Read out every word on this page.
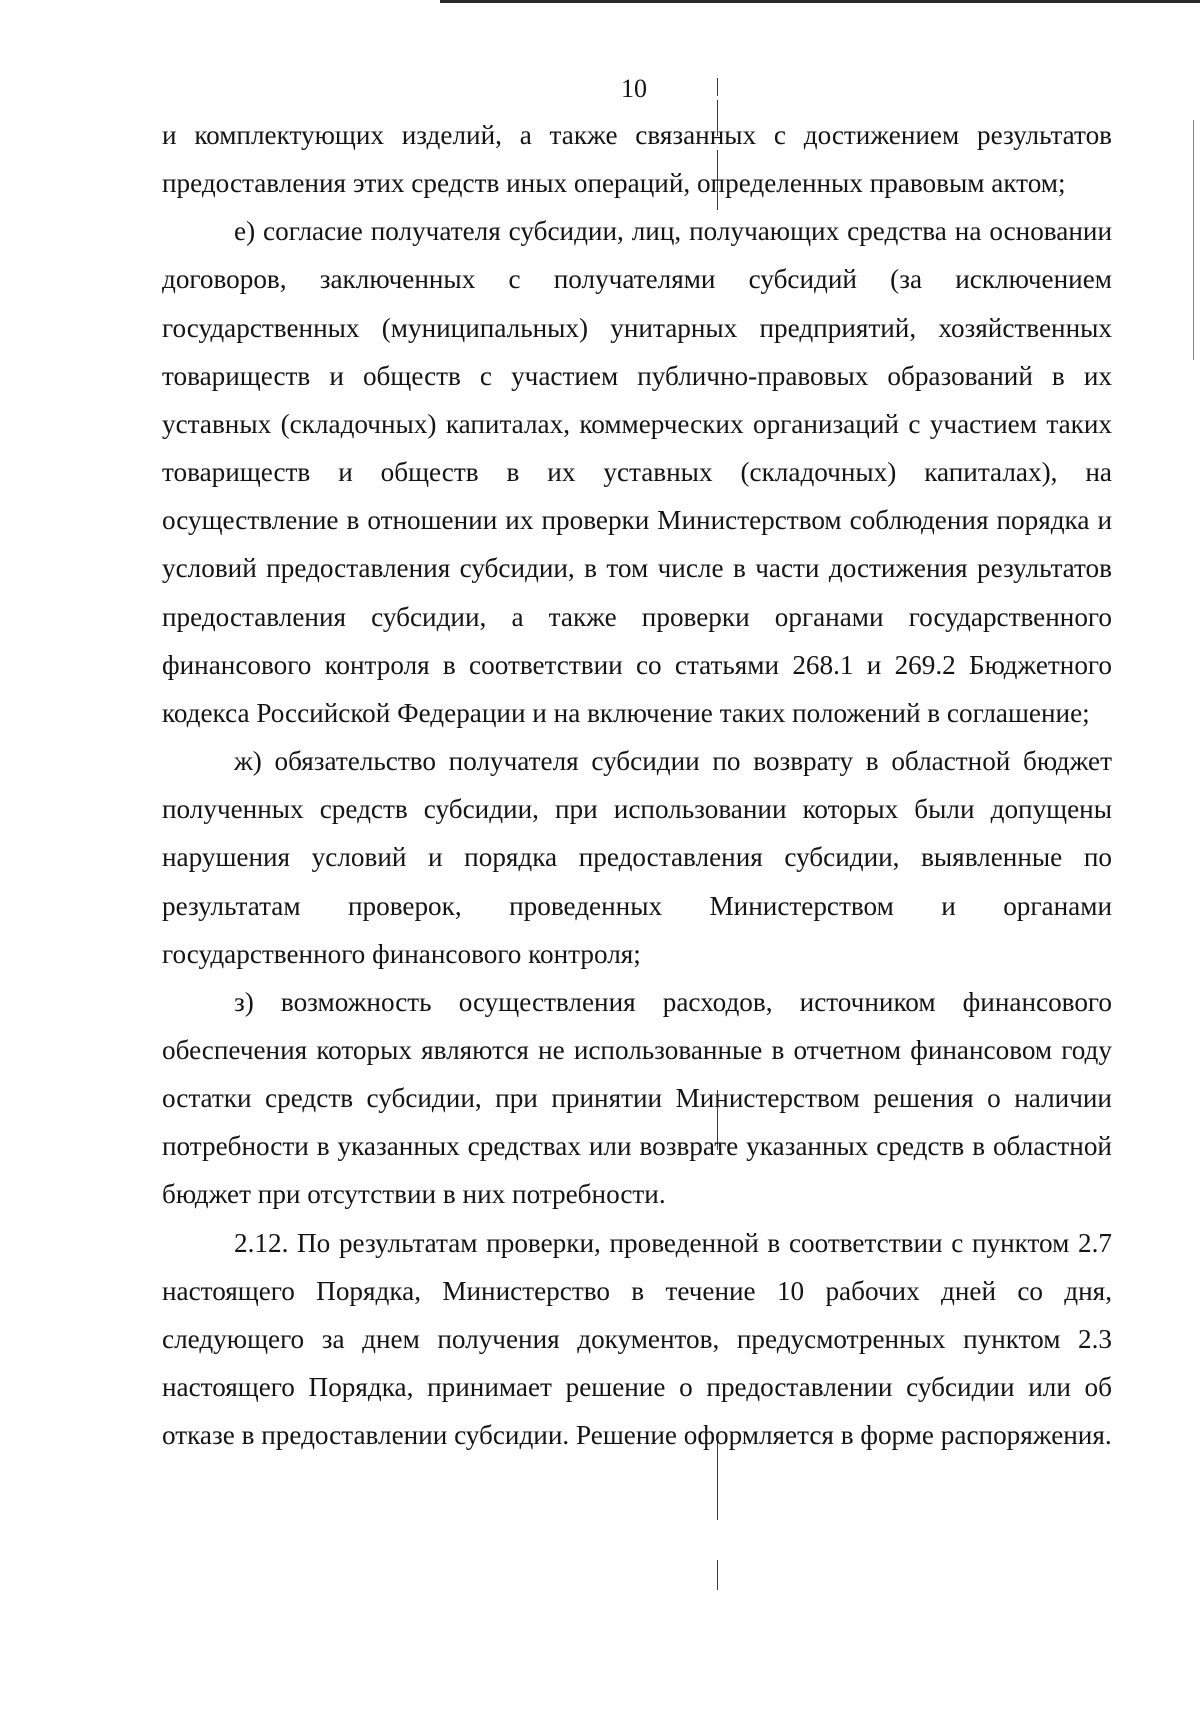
10

и комплектующих изделий, а также связанных с достижением результатов предоставления этих средств иных операций, определенных правовым актом;

е) согласие получателя субсидии, лиц, получающих средства на основании договоров, заключенных с получателями субсидий (за исключением государственных (муниципальных) унитарных предприятий, хозяйственных товариществ и обществ с участием публично-правовых образований в их уставных (складочных) капиталах, коммерческих организаций с участием таких товариществ и обществ в их уставных (складочных) капиталах), на осуществление в отношении их проверки Министерством соблюдения порядка и условий предоставления субсидии, в том числе в части достижения результатов предоставления субсидии, а также проверки органами государственного финансового контроля в соответствии со статьями 268.1 и 269.2 Бюджетного кодекса Российской Федерации и на включение таких положений в соглашение;

ж) обязательство получателя субсидии по возврату в областной бюджет полученных средств субсидии, при использовании которых были допущены нарушения условий и порядка предоставления субсидии, выявленные по результатам проверок, проведенных Министерством и органами государственного финансового контроля;

з) возможность осуществления расходов, источником финансового обеспечения которых являются не использованные в отчетном финансовом году остатки средств субсидии, при принятии Министерством решения о наличии потребности в указанных средствах или возврате указанных средств в областной бюджет при отсутствии в них потребности.

2.12. По результатам проверки, проведенной в соответствии с пунктом 2.7 настоящего Порядка, Министерство в течение 10 рабочих дней со дня, следующего за днем получения документов, предусмотренных пунктом 2.3 настоящего Порядка, принимает решение о предоставлении субсидии или об отказе в предоставлении субсидии. Решение оформляется в форме распоряжения.
